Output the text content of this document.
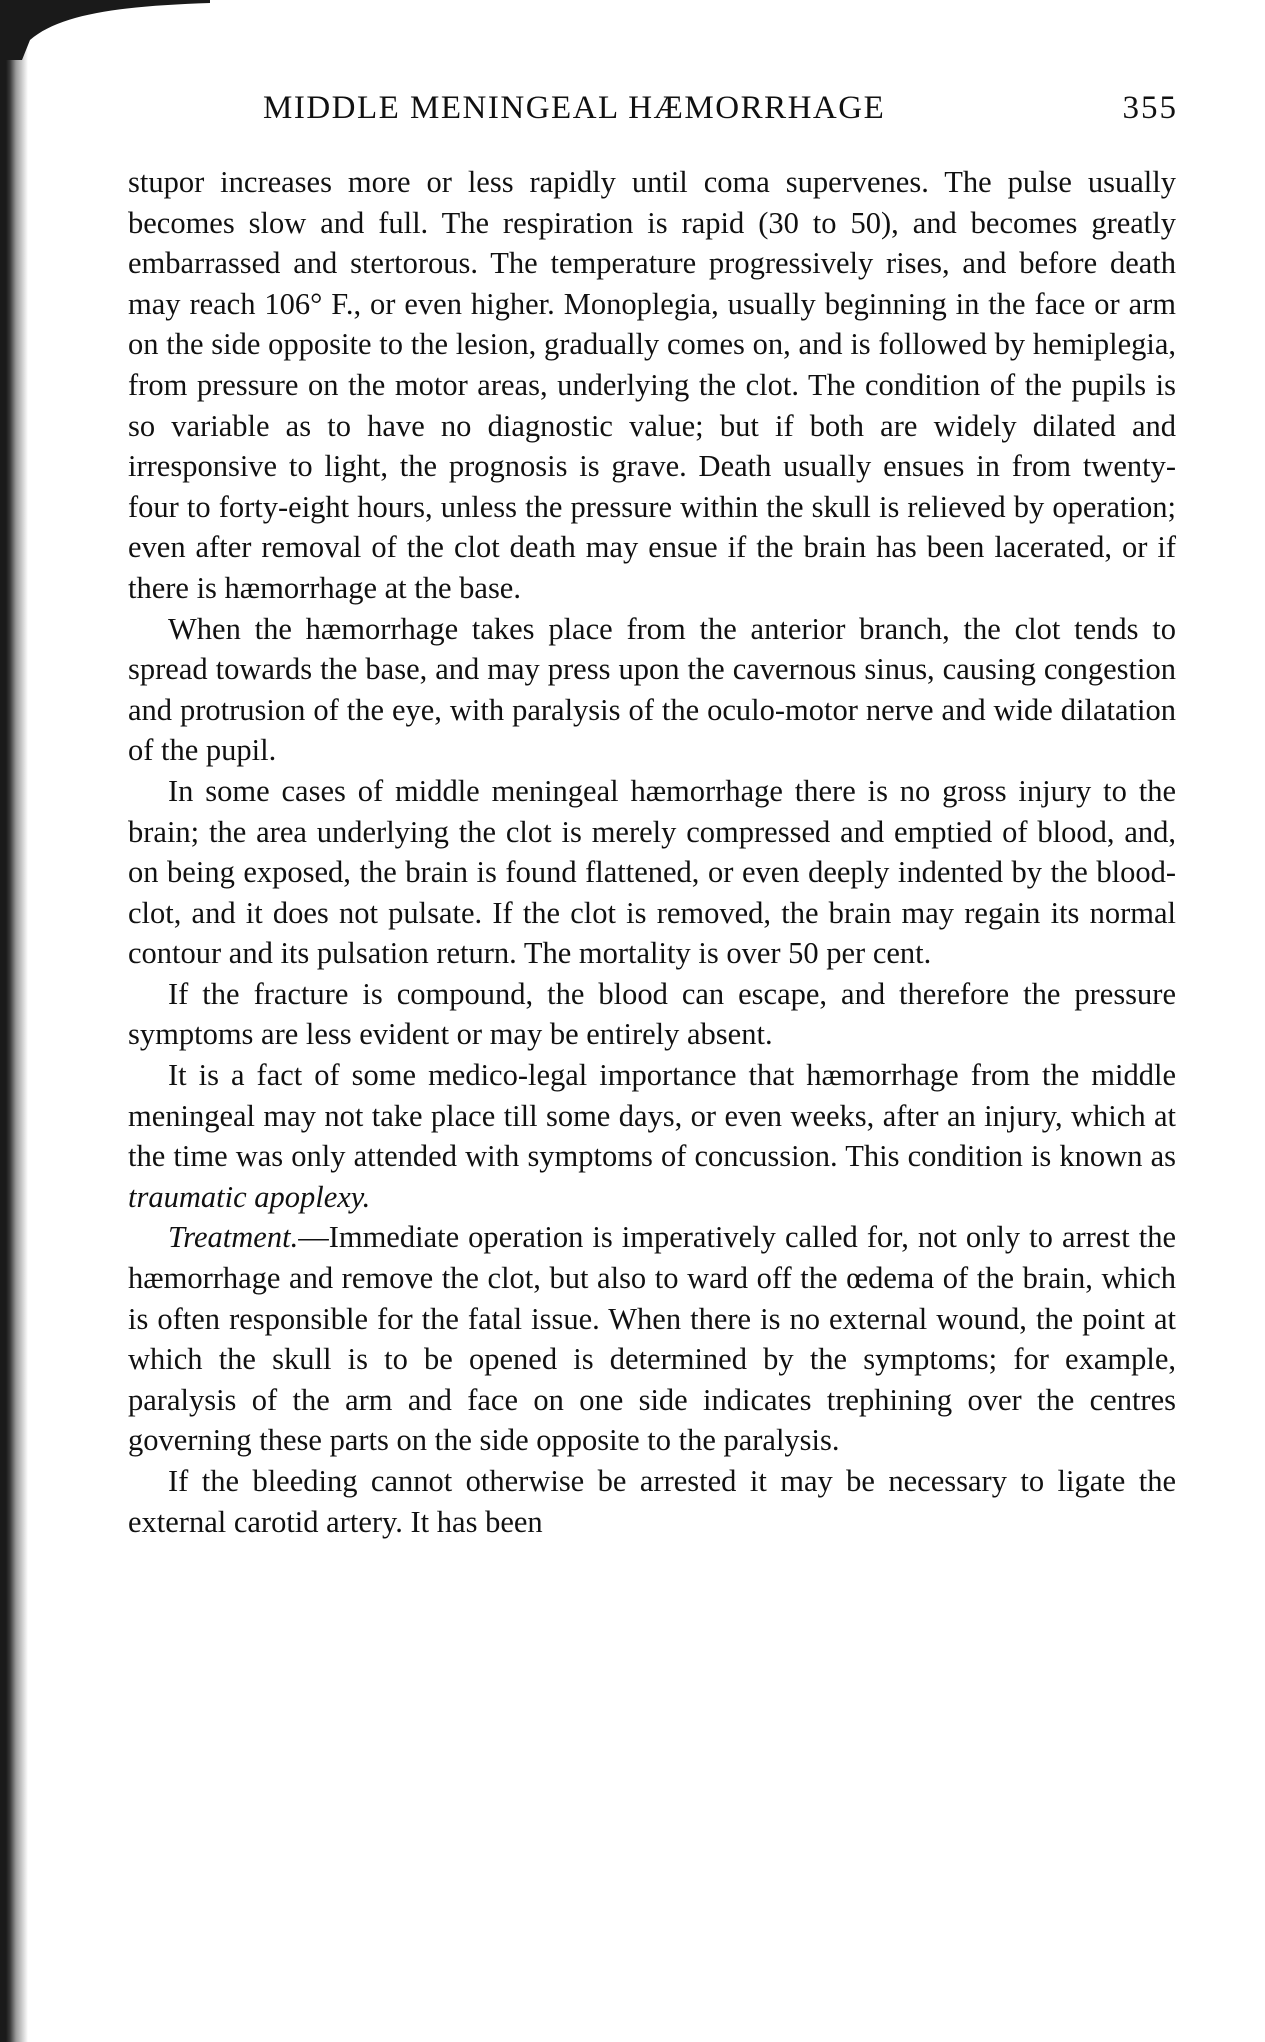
MIDDLE MENINGEAL HÆMORRHAGE	355

stupor increases more or less rapidly until coma supervenes. The pulse usually becomes slow and full. The respiration is rapid (30 to 50), and becomes greatly embarrassed and stertorous. The temperature progressively rises, and before death may reach 106° F., or even higher. Monoplegia, usually beginning in the face or arm on the side opposite to the lesion, gradually comes on, and is followed by hemiplegia, from pressure on the motor areas, underlying the clot. The condition of the pupils is so variable as to have no diagnostic value; but if both are widely dilated and irresponsive to light, the prognosis is grave. Death usually ensues in from twenty-four to forty-eight hours, unless the pressure within the skull is relieved by operation; even after removal of the clot death may ensue if the brain has been lacerated, or if there is hæmorrhage at the base.

When the hæmorrhage takes place from the anterior branch, the clot tends to spread towards the base, and may press upon the cavernous sinus, causing congestion and protrusion of the eye, with paralysis of the oculo-motor nerve and wide dilatation of the pupil.

In some cases of middle meningeal hæmorrhage there is no gross injury to the brain; the area underlying the clot is merely compressed and emptied of blood, and, on being exposed, the brain is found flattened, or even deeply indented by the blood-clot, and it does not pulsate. If the clot is removed, the brain may regain its normal contour and its pulsation return. The mortality is over 50 per cent.

If the fracture is compound, the blood can escape, and therefore the pressure symptoms are less evident or may be entirely absent.

It is a fact of some medico-legal importance that hæmorrhage from the middle meningeal may not take place till some days, or even weeks, after an injury, which at the time was only attended with symptoms of concussion. This condition is known as traumatic apoplexy.

Treatment.—Immediate operation is imperatively called for, not only to arrest the hæmorrhage and remove the clot, but also to ward off the œdema of the brain, which is often responsible for the fatal issue. When there is no external wound, the point at which the skull is to be opened is determined by the symptoms; for example, paralysis of the arm and face on one side indicates trephining over the centres governing these parts on the side opposite to the paralysis.

If the bleeding cannot otherwise be arrested it may be necessary to ligate the external carotid artery. It has been
